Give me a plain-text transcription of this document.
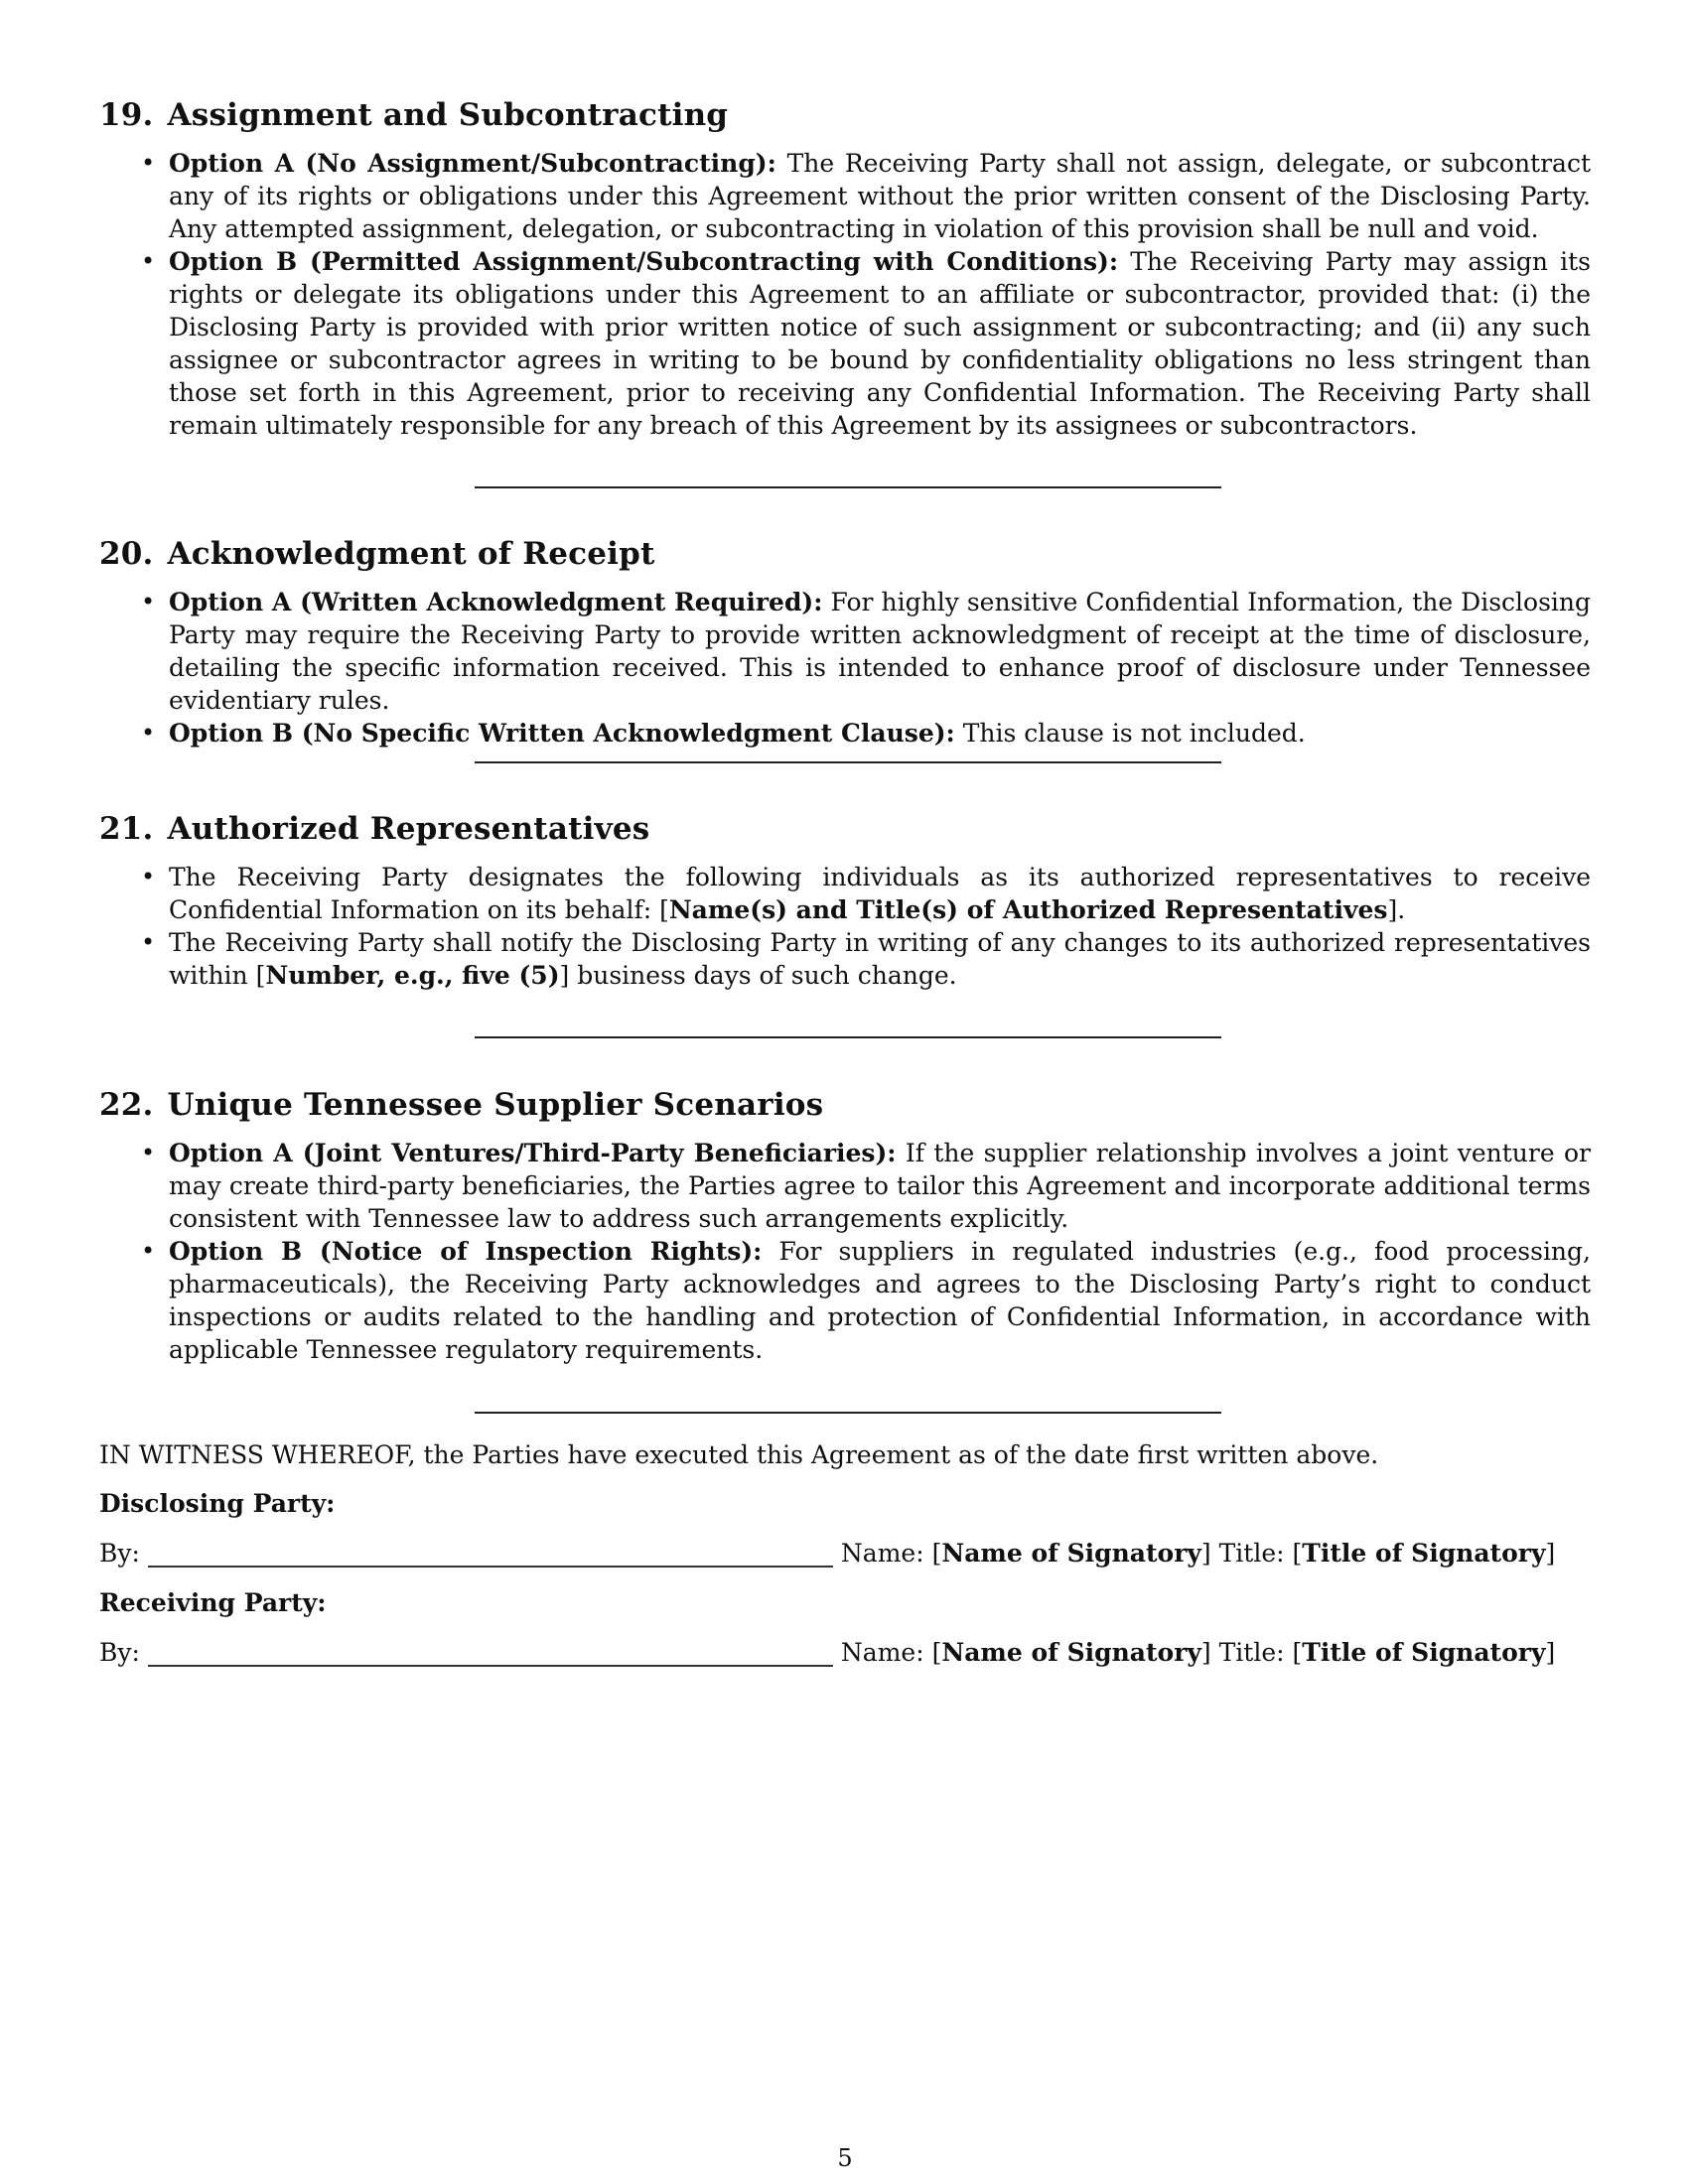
19. Assignment and Subcontracting
• Option A (No Assignment/Subcontracting): The Receiving Party shall not assign, delegate, or subcontract any of its rights or obligations under this Agreement without the prior written consent of the Disclosing Party. Any attempted assignment, delegation, or subcontracting in violation of this provision shall be null and void.
• Option B (Permitted Assignment/Subcontracting with Conditions): The Receiving Party may assign its rights or delegate its obligations under this Agreement to an affiliate or subcontractor, provided that: (i) the Disclosing Party is provided with prior written notice of such assignment or subcontracting; and (ii) any such assignee or subcontractor agrees in writing to be bound by confidentiality obligations no less stringent than those set forth in this Agreement, prior to receiving any Confidential Information. The Receiving Party shall remain ultimately responsible for any breach of this Agreement by its assignees or subcontractors.
20. Acknowledgment of Receipt
• Option A (Written Acknowledgment Required): For highly sensitive Confidential Information, the Disclosing Party may require the Receiving Party to provide written acknowledgment of receipt at the time of disclosure, detailing the specific information received. This is intended to enhance proof of disclosure under Tennessee evidentiary rules.
• Option B (No Specific Written Acknowledgment Clause): This clause is not included.
21. Authorized Representatives
• The Receiving Party designates the following individuals as its authorized representatives to receive Confidential Information on its behalf: [Name(s) and Title(s) of Authorized Representatives].
• The Receiving Party shall notify the Disclosing Party in writing of any changes to its authorized representatives within [Number, e.g., five (5)] business days of such change.
22. Unique Tennessee Supplier Scenarios
• Option A (Joint Ventures/Third-Party Beneficiaries): If the supplier relationship involves a joint venture or may create third-party beneficiaries, the Parties agree to tailor this Agreement and incorporate additional terms consistent with Tennessee law to address such arrangements explicitly.
• Option B (Notice of Inspection Rights): For suppliers in regulated industries (e.g., food processing, pharmaceuticals), the Receiving Party acknowledges and agrees to the Disclosing Party’s right to conduct inspections or audits related to the handling and protection of Confidential Information, in accordance with applicable Tennessee regulatory requirements.
IN WITNESS WHEREOF, the Parties have executed this Agreement as of the date first written above.
Disclosing Party:
By:	Name: [Name of Signatory] Title: [Title of Signatory]
Receiving Party:
By:	Name: [Name of Signatory] Title: [Title of Signatory]
5
